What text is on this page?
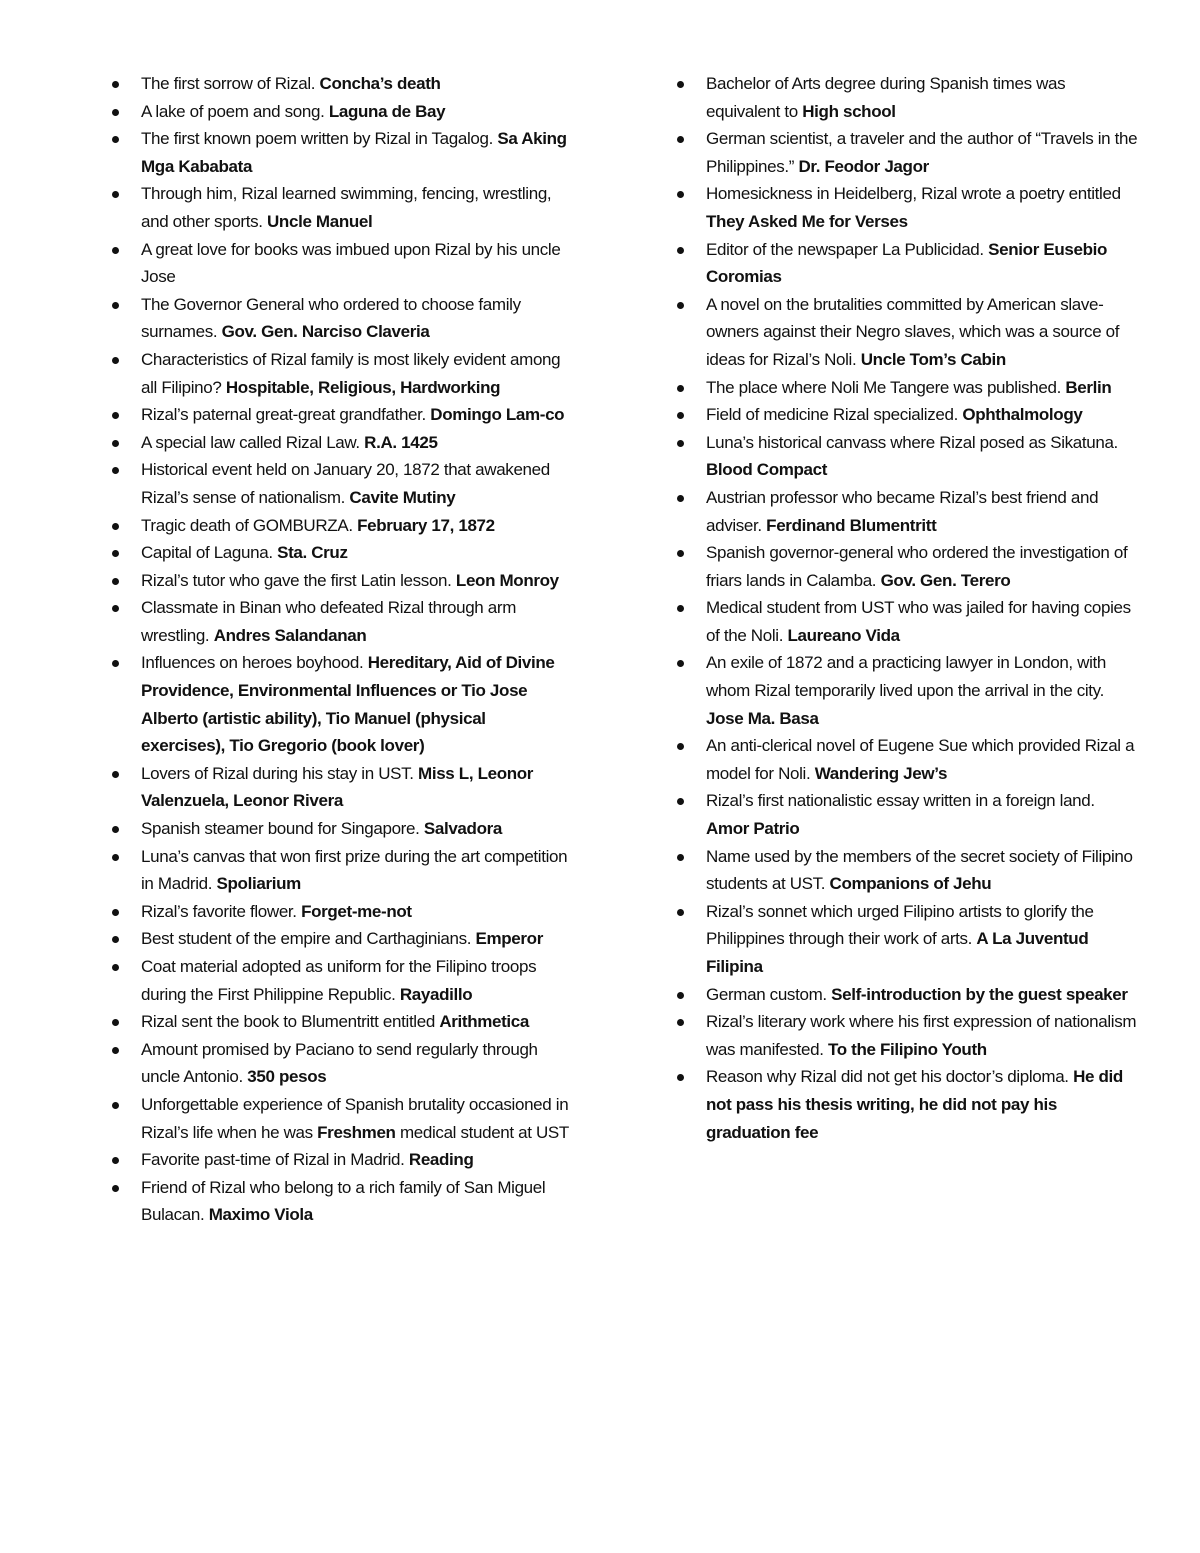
The first sorrow of Rizal. Concha’s death
A lake of poem and song. Laguna de Bay
The first known poem written by Rizal in Tagalog. Sa Aking Mga Kababata
Through him, Rizal learned swimming, fencing, wrestling, and other sports. Uncle Manuel
A great love for books was imbued upon Rizal by his uncle Jose
The Governor General who ordered to choose family surnames. Gov. Gen. Narciso Claveria
Characteristics of Rizal family is most likely evident among all Filipino? Hospitable, Religious, Hardworking
Rizal’s paternal great-great grandfather. Domingo Lam-co
A special law called Rizal Law. R.A. 1425
Historical event held on January 20, 1872 that awakened Rizal’s sense of nationalism. Cavite Mutiny
Tragic death of GOMBURZA. February 17, 1872
Capital of Laguna. Sta. Cruz
Rizal’s tutor who gave the first Latin lesson. Leon Monroy
Classmate in Binan who defeated Rizal through arm wrestling. Andres Salandanan
Influences on heroes boyhood. Hereditary, Aid of Divine Providence, Environmental Influences or Tio Jose Alberto (artistic ability), Tio Manuel (physical exercises), Tio Gregorio (book lover)
Lovers of Rizal during his stay in UST. Miss L, Leonor Valenzuela, Leonor Rivera
Spanish steamer bound for Singapore. Salvadora
Luna’s canvas that won first prize during the art competition in Madrid. Spoliarium
Rizal’s favorite flower. Forget-me-not
Best student of the empire and Carthaginians. Emperor
Coat material adopted as uniform for the Filipino troops during the First Philippine Republic. Rayadillo
Rizal sent the book to Blumentritt entitled Arithmetica
Amount promised by Paciano to send regularly through uncle Antonio. 350 pesos
Unforgettable experience of Spanish brutality occasioned in Rizal’s life when he was Freshmen medical student at UST
Favorite past-time of Rizal in Madrid. Reading
Friend of Rizal who belong to a rich family of San Miguel Bulacan. Maximo Viola
Bachelor of Arts degree during Spanish times was equivalent to High school
German scientist, a traveler and the author of “Travels in the Philippines.” Dr. Feodor Jagor
Homesickness in Heidelberg, Rizal wrote a poetry entitled They Asked Me for Verses
Editor of the newspaper La Publicidad. Senior Eusebio Coromias
A novel on the brutalities committed by American slave-owners against their Negro slaves, which was a source of ideas for Rizal’s Noli. Uncle Tom’s Cabin
The place where Noli Me Tangere was published. Berlin
Field of medicine Rizal specialized. Ophthalmology
Luna’s historical canvass where Rizal posed as Sikatuna. Blood Compact
Austrian professor who became Rizal’s best friend and adviser. Ferdinand Blumentritt
Spanish governor-general who ordered the investigation of friars lands in Calamba. Gov. Gen. Terero
Medical student from UST who was jailed for having copies of the Noli. Laureano Vida
An exile of 1872 and a practicing lawyer in London, with whom Rizal temporarily lived upon the arrival in the city. Jose Ma. Basa
An anti-clerical novel of Eugene Sue which provided Rizal a model for Noli. Wandering Jew’s
Rizal’s first nationalistic essay written in a foreign land. Amor Patrio
Name used by the members of the secret society of Filipino students at UST. Companions of Jehu
Rizal’s sonnet which urged Filipino artists to glorify the Philippines through their work of arts. A La Juventud Filipina
German custom. Self-introduction by the guest speaker
Rizal’s literary work where his first expression of nationalism was manifested. To the Filipino Youth
Reason why Rizal did not get his doctor’s diploma. He did not pass his thesis writing, he did not pay his graduation fee
